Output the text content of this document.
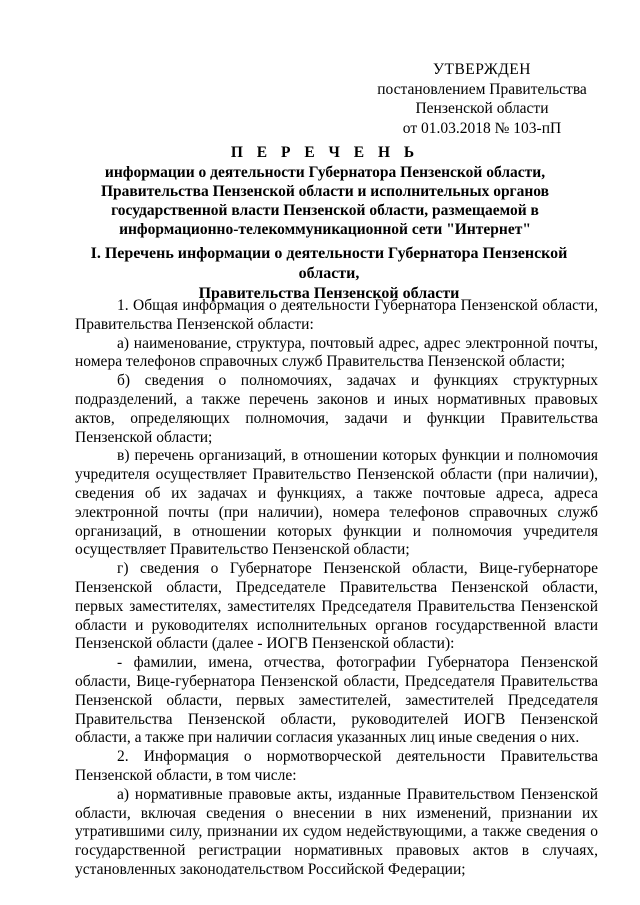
УТВЕРЖДЕН
постановлением Правительства
Пензенской области
от 01.03.2018 № 103-пП
П Е Р Е Ч Е Н Ь
информации о деятельности Губернатора Пензенской области,
Правительства Пензенской области и исполнительных органов
государственной власти Пензенской области, размещаемой в
информационно-телекоммуникационной сети "Интернет"
I. Перечень информации о деятельности Губернатора Пензенской области,
Правительства Пензенской области

1. Общая информация о деятельности Губернатора Пензенской области, Правительства Пензенской области:

а) наименование, структура, почтовый адрес, адрес электронной почты, номера телефонов справочных служб Правительства Пензенской области;

б) сведения о полномочиях, задачах и функциях структурных подразделений, а также перечень законов и иных нормативных правовых актов, определяющих полномочия, задачи и функции Правительства Пензенской области;

в) перечень организаций, в отношении которых функции и полномочия учредителя осуществляет Правительство Пензенской области (при наличии), сведения об их задачах и функциях, а также почтовые адреса, адреса электронной почты (при наличии), номера телефонов справочных служб организаций, в отношении которых функции и полномочия учредителя осуществляет Правительство Пензенской области;

г) сведения о Губернаторе Пензенской области, Вице-губернаторе Пензенской области, Председателе Правительства Пензенской области, первых заместителях, заместителях Председателя Правительства Пензенской области и руководителях исполнительных органов государственной власти Пензенской области (далее - ИОГВ Пензенской области):

- фамилии, имена, отчества, фотографии Губернатора Пензенской области, Вице-губернатора Пензенской области, Председателя Правительства Пензенской области, первых заместителей, заместителей Председателя Правительства Пензенской области, руководителей ИОГВ Пензенской области, а также при наличии согласия указанных лиц иные сведения о них.

2. Информация о нормотворческой деятельности Правительства Пензенской области, в том числе:

а) нормативные правовые акты, изданные Правительством Пензенской области, включая сведения о внесении в них изменений, признании их утратившими силу, признании их судом недействующими, а также сведения о государственной регистрации нормативных правовых актов в случаях, установленных законодательством Российской Федерации;
